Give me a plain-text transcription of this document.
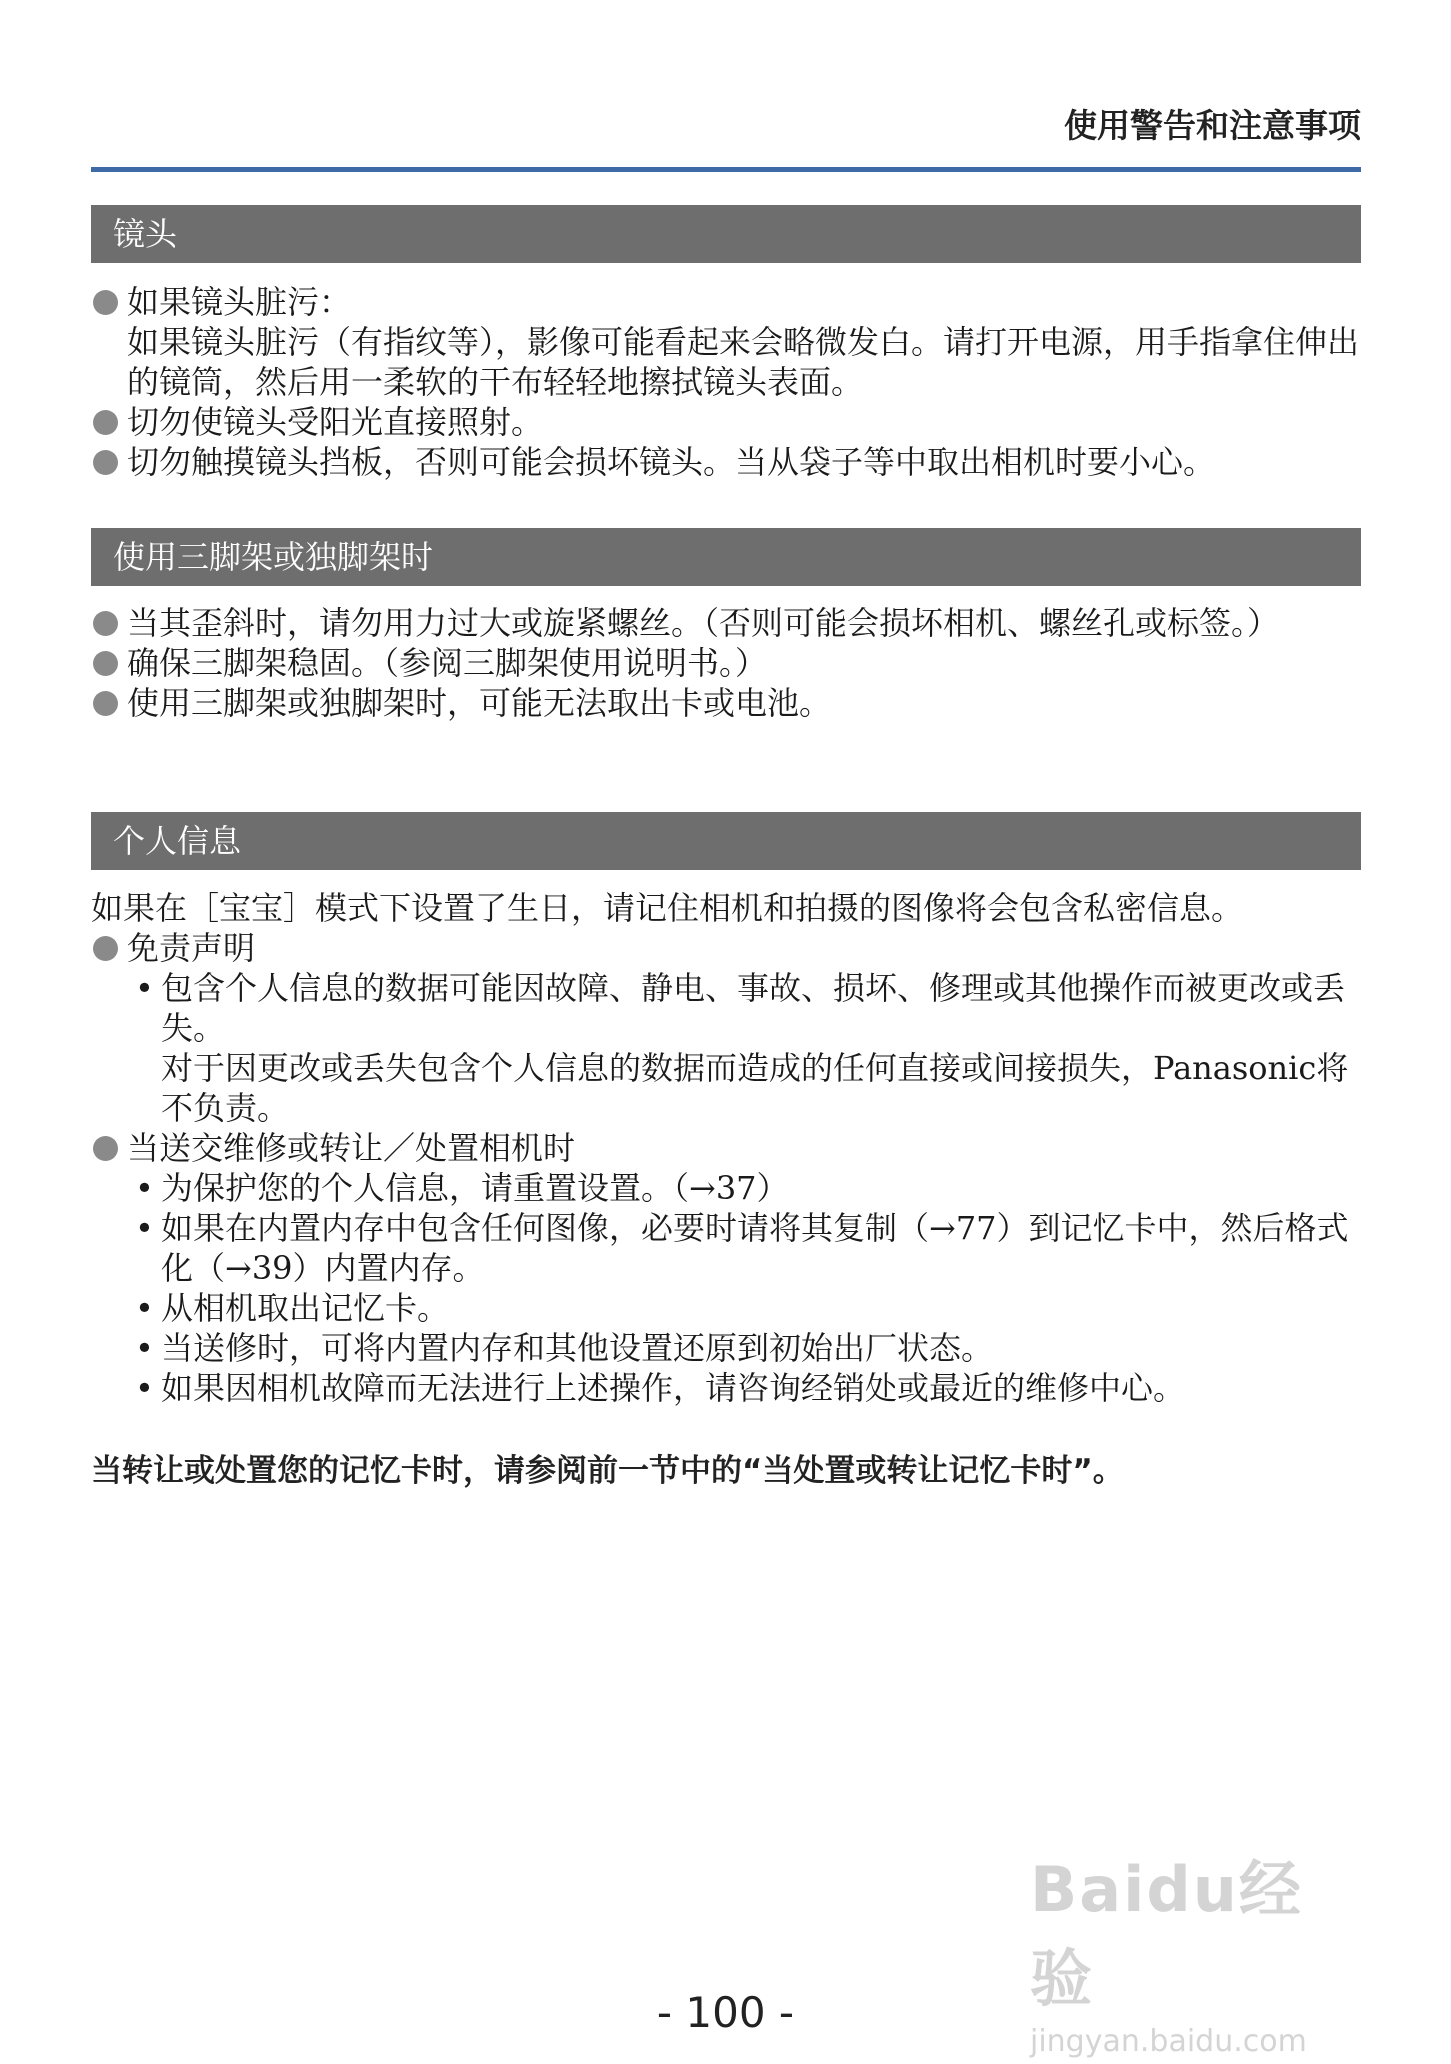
使用警告和注意事项
镜头
如果镜头脏污：
如果镜头脏污（有指纹等），影像可能看起来会略微发白。请打开电源，用手指拿住伸出的镜筒，然后用一柔软的干布轻轻地擦拭镜头表面。
切勿使镜头受阳光直接照射。
切勿触摸镜头挡板，否则可能会损坏镜头。当从袋子等中取出相机时要小心。
使用三脚架或独脚架时
当其歪斜时，请勿用力过大或旋紧螺丝。（否则可能会损坏相机、螺丝孔或标签。）
确保三脚架稳固。（参阅三脚架使用说明书。）
使用三脚架或独脚架时，可能无法取出卡或电池。
个人信息
如果在［宝宝］模式下设置了生日，请记住相机和拍摄的图像将会包含私密信息。
免责声明
• 包含个人信息的数据可能因故障、静电、事故、损坏、修理或其他操作而被更改或丢失。
对于因更改或丢失包含个人信息的数据而造成的任何直接或间接损失，Panasonic将不负责。
当送交维修或转让／处置相机时
• 为保护您的个人信息，请重置设置。（→37）
• 如果在内置内存中包含任何图像，必要时请将其复制（→77）到记忆卡中，然后格式化（→39）内置内存。
• 从相机取出记忆卡。
• 当送修时，可将内置内存和其他设置还原到初始出厂状态。
• 如果因相机故障而无法进行上述操作，请咨询经销处或最近的维修中心。
当转让或处置您的记忆卡时，请参阅前一节中的“当处置或转让记忆卡时”。
Baidu经验
jingyan.baidu.com
- 100 -
